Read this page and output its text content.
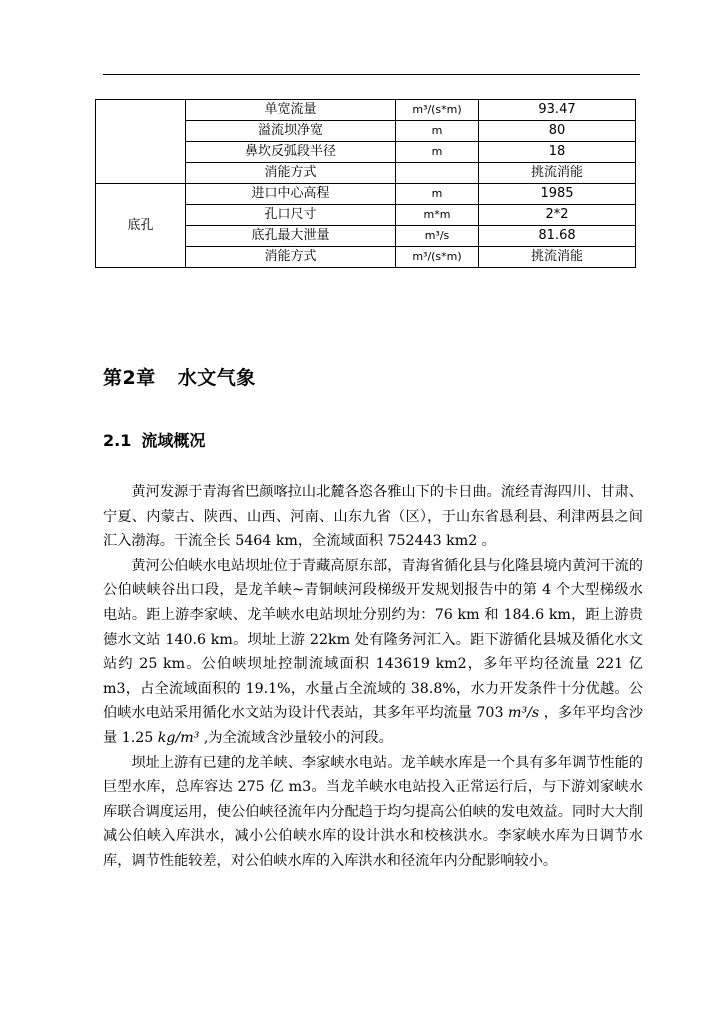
	单宽流量	m³/(s*m)	93.47
	溢流坝净宽	m	80
	鼻坎反弧段半径	m	18
	消能方式		挑流消能
底孔	进口中心高程	m	1985
	孔口尺寸	m*m	2*2
	底孔最大泄量	m³/s	81.68
	消能方式	m³/(s*m)	挑流消能
第2章 水文气象
2.1 流域概况

黄河发源于青海省巴颜喀拉山北麓各恣各雅山下的卡日曲。流经青海四川、甘肃、宁夏、内蒙古、陕西、山西、河南、山东九省（区），于山东省恳利县、利津两县之间汇入渤海。干流全长 5464 km，全流域面积 752443 km2 。

黄河公伯峡水电站坝址位于青藏高原东部，青海省循化县与化隆县境内黄河干流的公伯峡峡谷出口段，是龙羊峡~青铜峡河段梯级开发规划报告中的第 4 个大型梯级水电站。距上游李家峡、龙羊峡水电站坝址分别约为：76 km 和 184.6 km，距上游贵德水文站 140.6 km。坝址上游 22km 处有隆务河汇入。距下游循化县城及循化水文站约 25 km。公伯峡坝址控制流域面积 143619 km2，多年平均径流量 221 亿 m3，占全流域面积的 19.1%，水量占全流域的 38.8%，水力开发条件十分优越。公伯峡水电站采用循化水文站为设计代表站，其多年平均流量 703 m³/s ，多年平均含沙量 1.25 kg/m³ ,为全流域含沙量较小的河段。

坝址上游有已建的龙羊峡、李家峡水电站。龙羊峡水库是一个具有多年调节性能的巨型水库，总库容达 275 亿 m3。当龙羊峡水电站投入正常运行后，与下游刘家峡水库联合调度运用，使公伯峡径流年内分配趋于均匀提高公伯峡的发电效益。同时大大削减公伯峡入库洪水，减小公伯峡水库的设计洪水和校核洪水。李家峡水库为日调节水库，调节性能较差，对公伯峡水库的入库洪水和径流年内分配影响较小。
